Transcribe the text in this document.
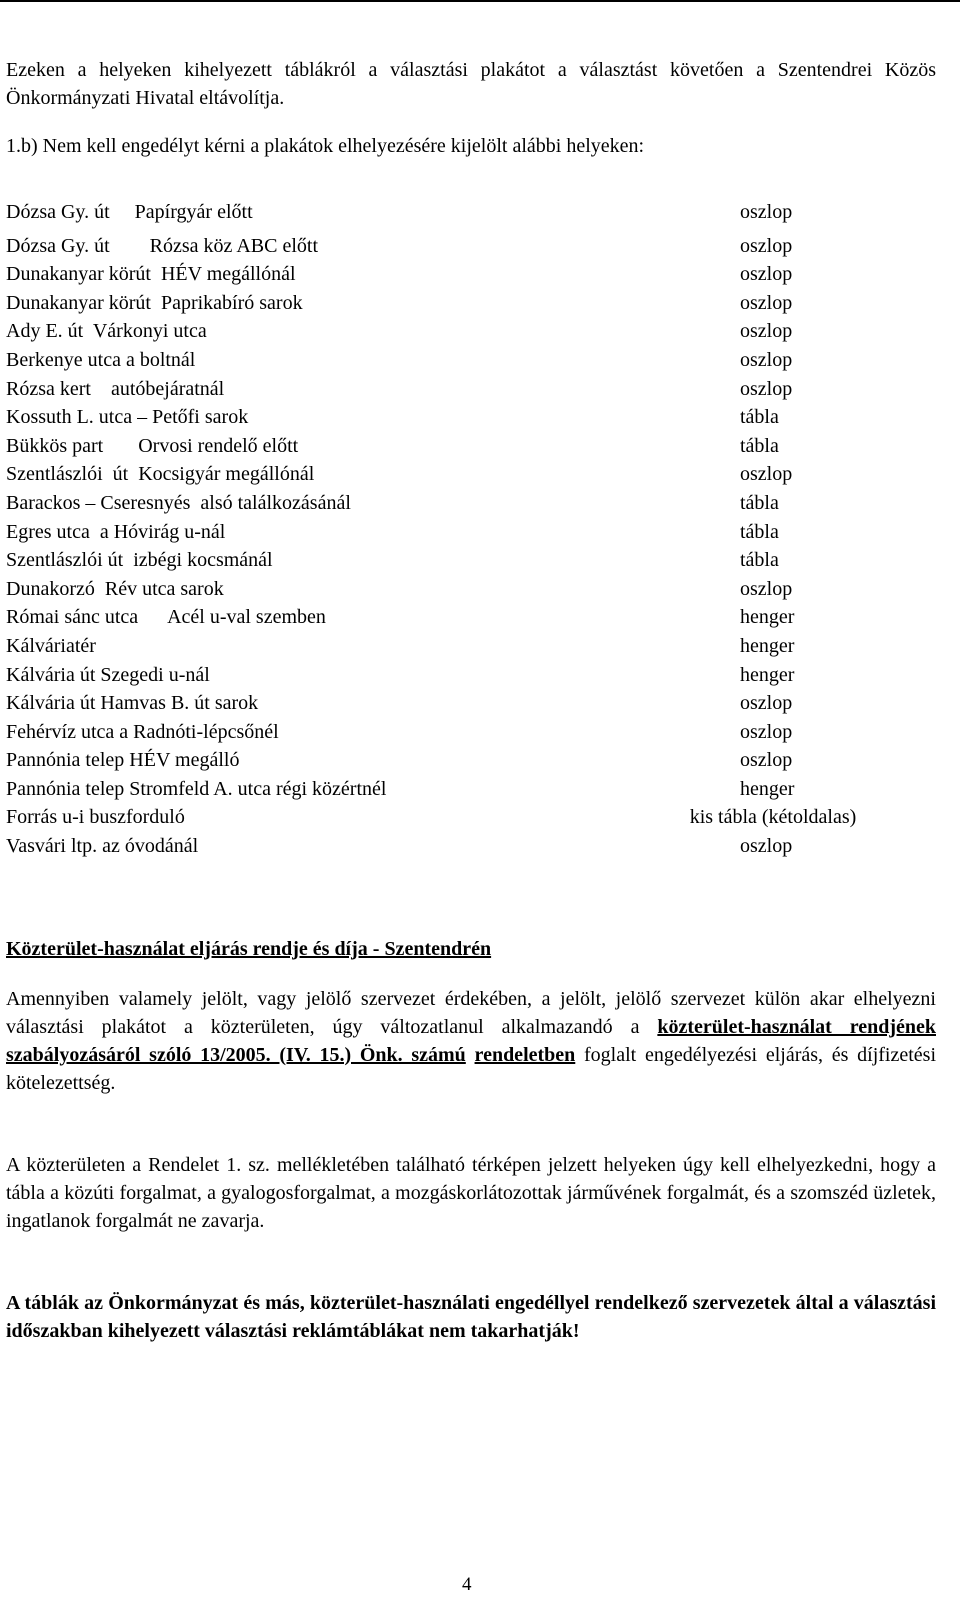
Ezeken a helyeken kihelyezett táblákról a választási plakátot a választást követően a Szentendrei Közös Önkormányzati Hivatal eltávolítja.

1.b) Nem kell engedélyt kérni a plakátok elhelyezésére kijelölt alábbi helyeken:

Dózsa Gy. út     Papírgyár előtt	oszlop
Dózsa Gy. út        Rózsa köz ABC előtt	oszlop
Dunakanyar körút  HÉV megállónál	oszlop
Dunakanyar körút  Paprikabíró sarok	oszlop
Ady E. út  Várkonyi utca	oszlop
Berkenye utca a boltnál	oszlop
Rózsa kert    autóbejáratnál	oszlop
Kossuth L. utca – Petőfi sarok	tábla
Bükkös part       Orvosi rendelő előtt	tábla
Szentlászlói  út  Kocsigyár megállónál	oszlop
Barackos – Cseresnyés  alsó találkozásánál	tábla
Egres utca  a Hóvirág u-nál	tábla
Szentlászlói út  izbégi kocsmánál	tábla
Dunakorzó  Rév utca sarok	oszlop
Római sánc utca      Acél u-val szemben	henger
Kálváriatér	henger
Kálvária út Szegedi u-nál	henger
Kálvária út Hamvas B. út sarok	oszlop
Fehérvíz utca a Radnóti-lépcsőnél	oszlop
Pannónia telep HÉV megálló	oszlop
Pannónia telep Stromfeld A. utca régi közértnél	henger
Forrás u-i buszforduló	kis tábla (kétoldalas)
Vasvári ltp. az óvodánál	oszlop

Közterület-használat eljárás rendje és díja - Szentendrén

Amennyiben valamely jelölt, vagy jelölő szervezet érdekében, a jelölt, jelölő szervezet külön akar elhelyezni választási plakátot a közterületen, úgy változatlanul alkalmazandó a közterület-használat rendjének szabályozásáról szóló 13/2005. (IV. 15.) Önk. számú rendeletben foglalt engedélyezési eljárás, és díjfizetési kötelezettség.

A közterületen a Rendelet 1. sz. mellékletében található térképen jelzett helyeken úgy kell elhelyezkedni, hogy a tábla a közúti forgalmat, a gyalogosforgalmat, a mozgáskorlátozottak járművének forgalmát, és a szomszéd üzletek, ingatlanok forgalmát ne zavarja.

A táblák az Önkormányzat és más, közterület-használati engedéllyel rendelkező szervezetek által a választási időszakban kihelyezett választási reklámtáblákat nem takarhatják!

4
